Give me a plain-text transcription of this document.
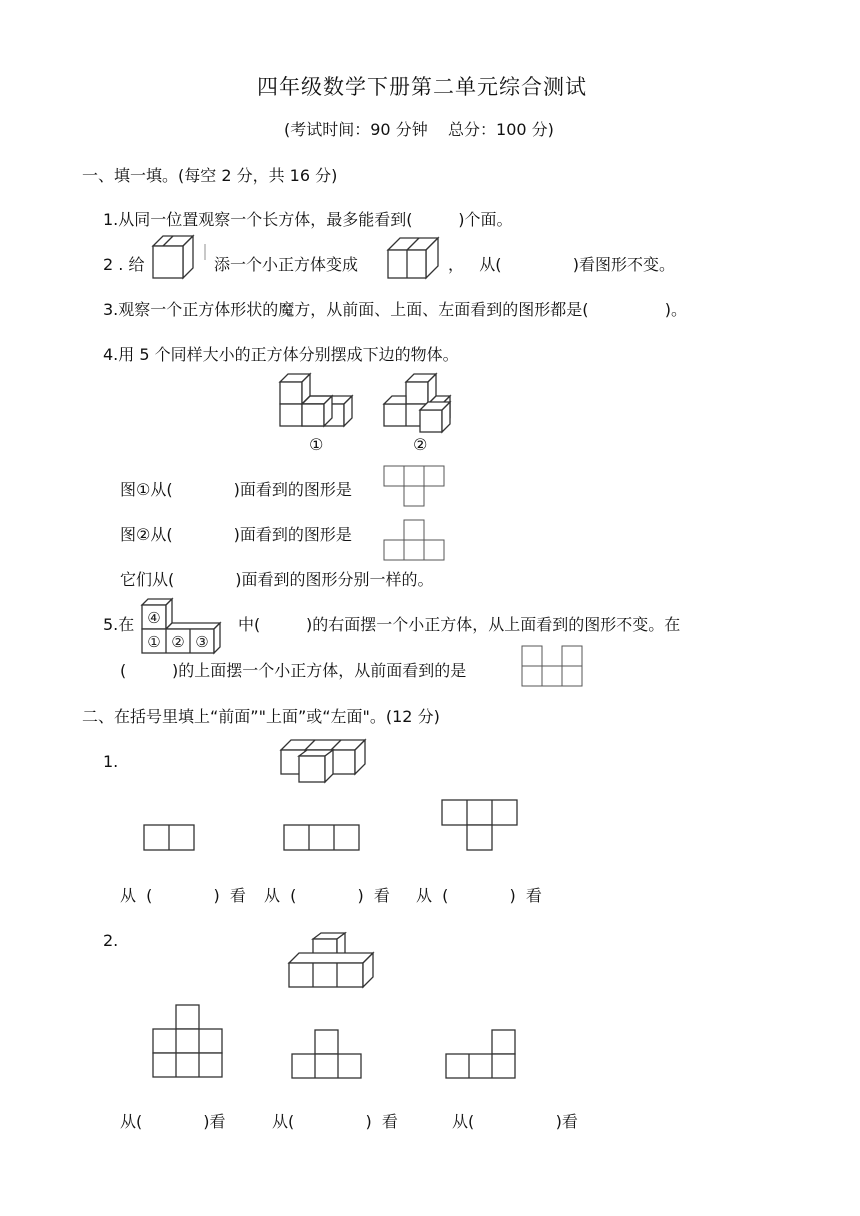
四年级数学下册第二单元综合测试
(考试时间：90 分钟    总分：100 分)
一、填一填。(每空 2 分，共 16 分)
1.从同一位置观察一个长方体，最多能看到(         )个面。
2 . 给	添一个小正方体变成	，   从(              )看图形不变。
3.观察一个正方体形状的魔方，从前面、上面、左面看到的图形都是(               )。
4.用 5 个同样大小的正方体分别摆成下边的物体。
①	②
图①从(            )面看到的图形是
图②从(            )面看到的图形是
它们从(            )面看到的图形分别一样的。
5.在 ④
① ② ③
中(         )的右面摆一个小正方体，从上面看到的图形不变。在
(         )的上面摆一个小正方体，从前面看到的是
二、在括号里填上“前面”"上面”或“左面"。(12 分)
1.
从  (            )  看 从  (            )  看 从  (            )  看
2.
从(            )看	从(              )  看	从(                )看
